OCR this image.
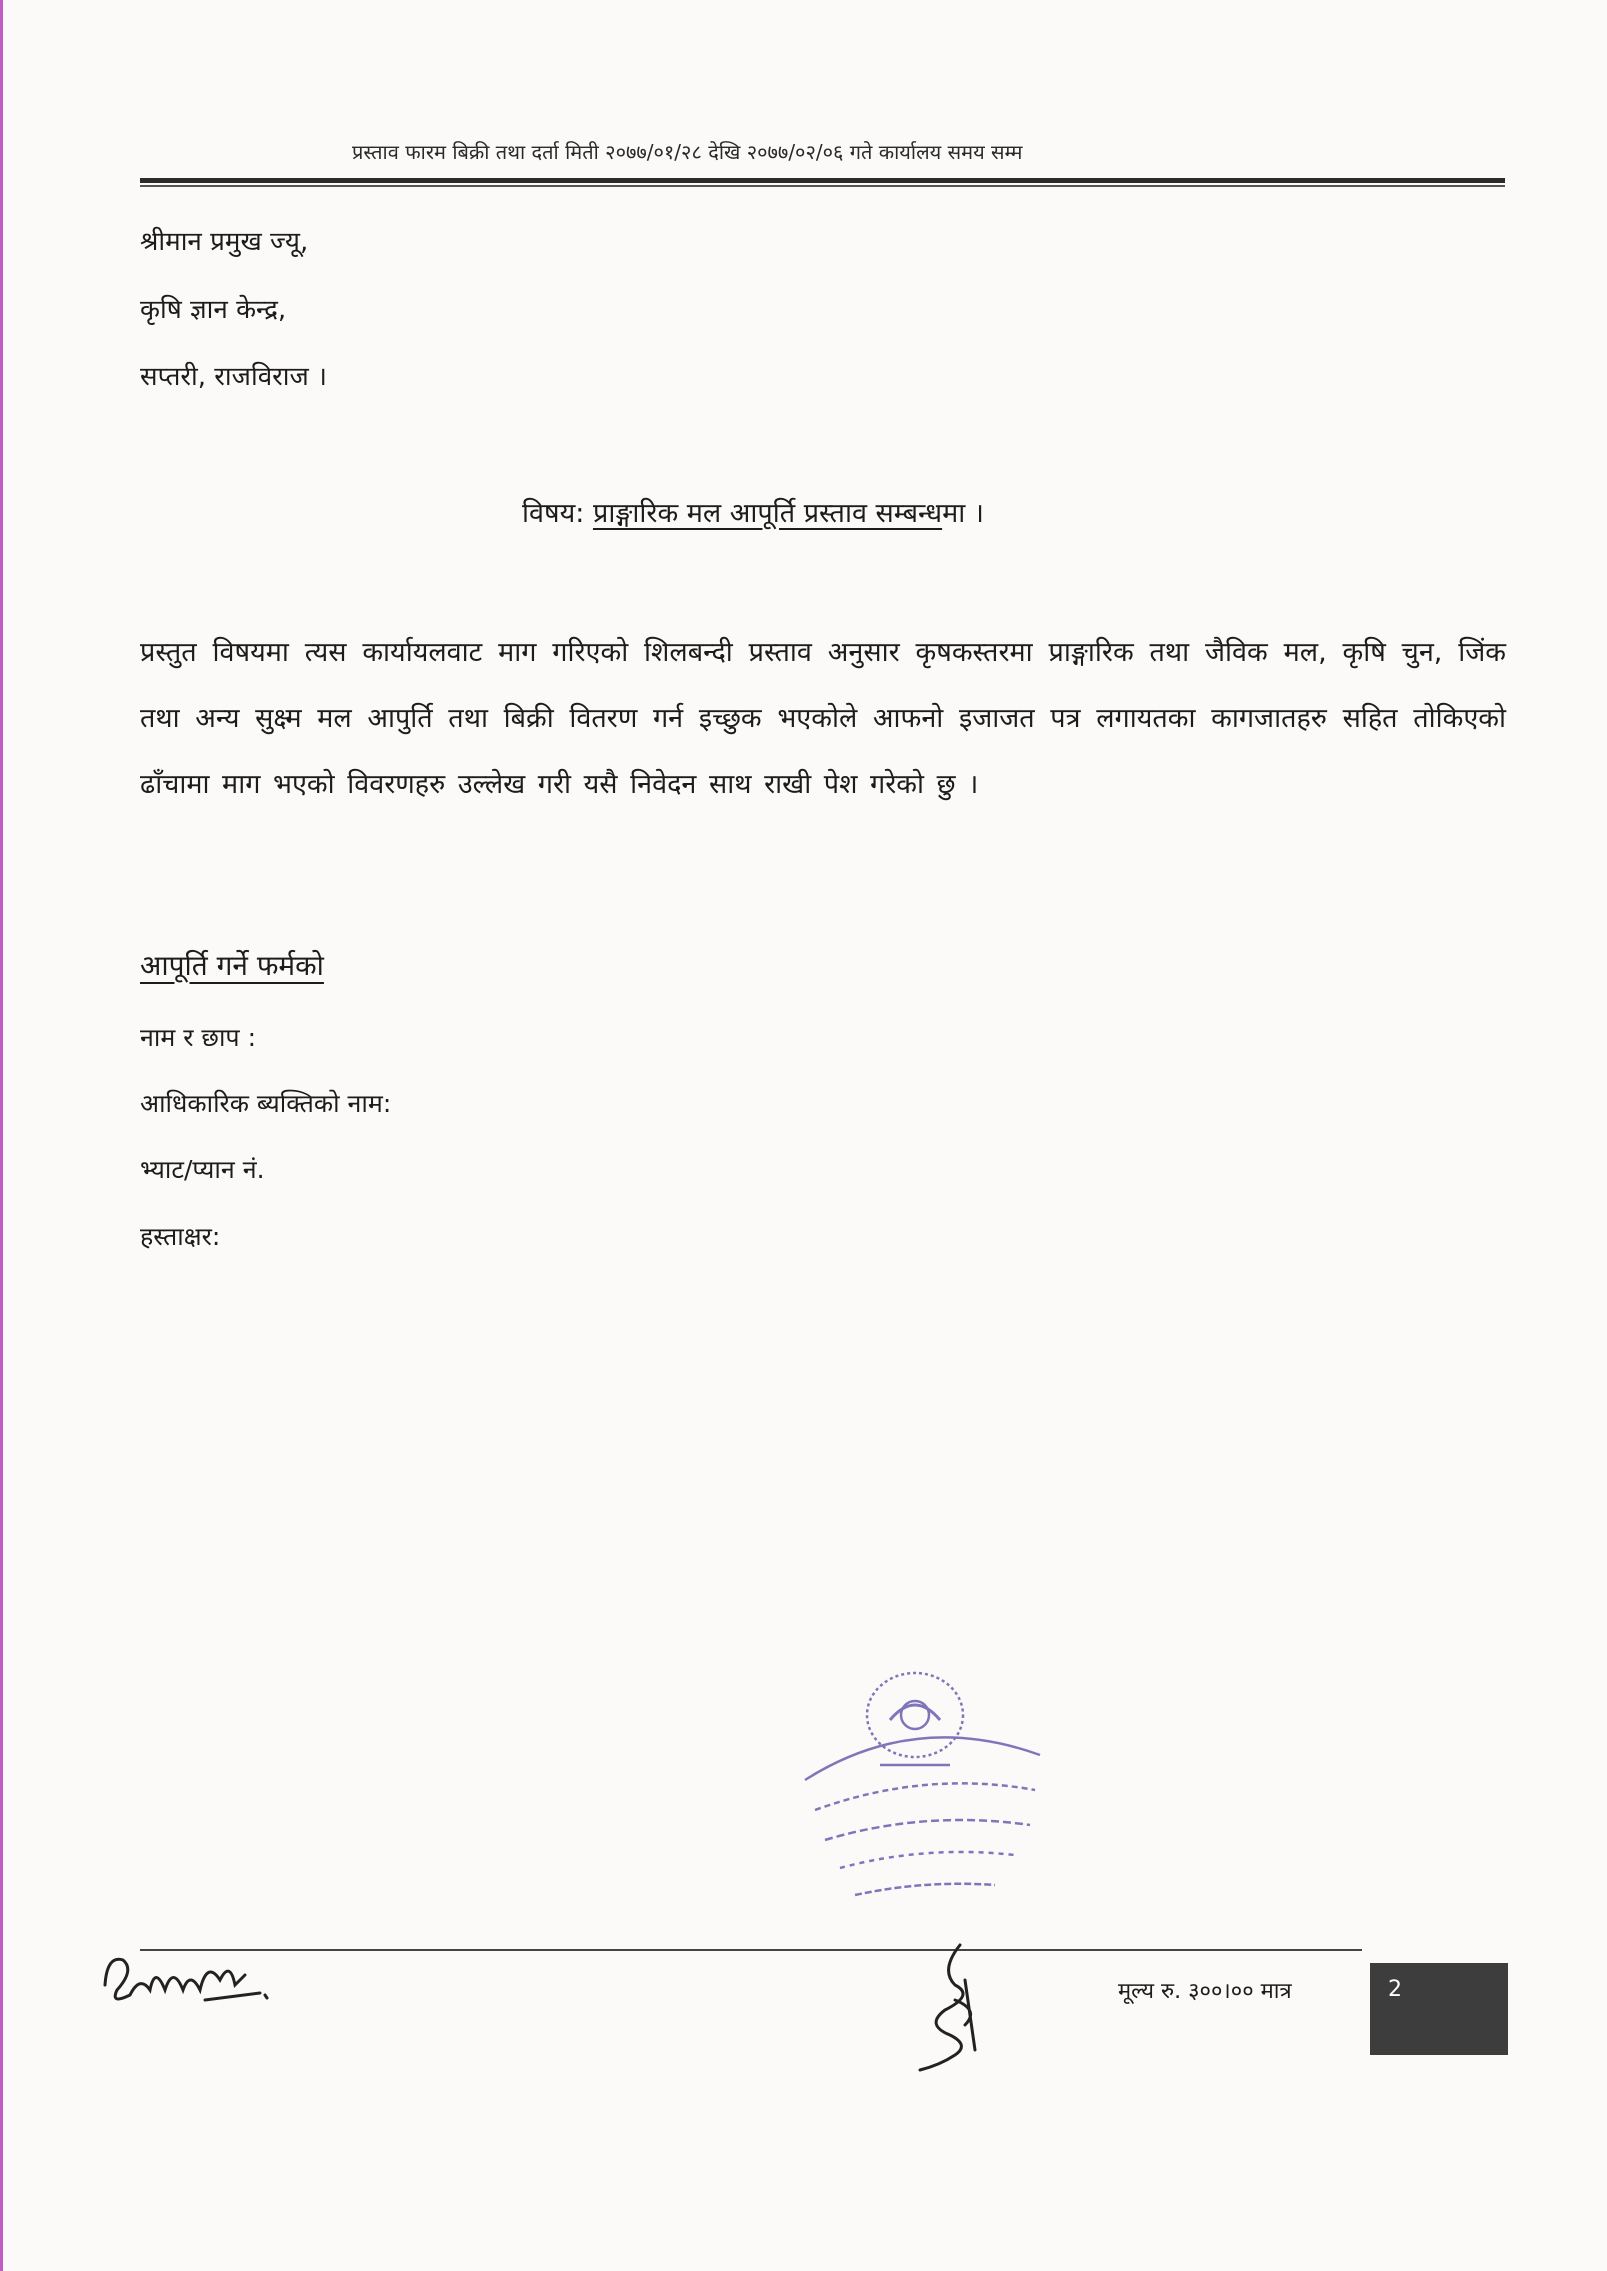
प्रस्ताव फारम बिक्री तथा दर्ता मिती २०७७/०१/२८ देखि २०७७/०२/०६ गते कार्यालय समय सम्म
श्रीमान प्रमुख ज्यू,
कृषि ज्ञान केन्द्र,
सप्तरी, राजविराज ।
विषय: प्राङ्गारिक मल आपूर्ति प्रस्ताव सम्बन्धमा ।
प्रस्तुत विषयमा त्यस कार्यायलवाट माग गरिएको शिलबन्दी प्रस्ताव अनुसार कृषकस्तरमा प्राङ्गारिक तथा जैविक मल, कृषि चुन, जिंक तथा अन्य सुक्ष्म मल आपुर्ति तथा बिक्री वितरण गर्न इच्छुक भएकोले आफनो इजाजत पत्र लगायतका कागजातहरु सहित तोकिएको ढाँचामा माग भएको विवरणहरु उल्लेख गरी यसै निवेदन साथ राखी पेश गरेको छु ।
आपूर्ति गर्ने फर्मको
नाम र छाप :
आधिकारिक ब्यक्तिको नाम:
भ्याट/प्यान नं.
हस्ताक्षर:
मूल्य रु. ३००।०० मात्र	2
